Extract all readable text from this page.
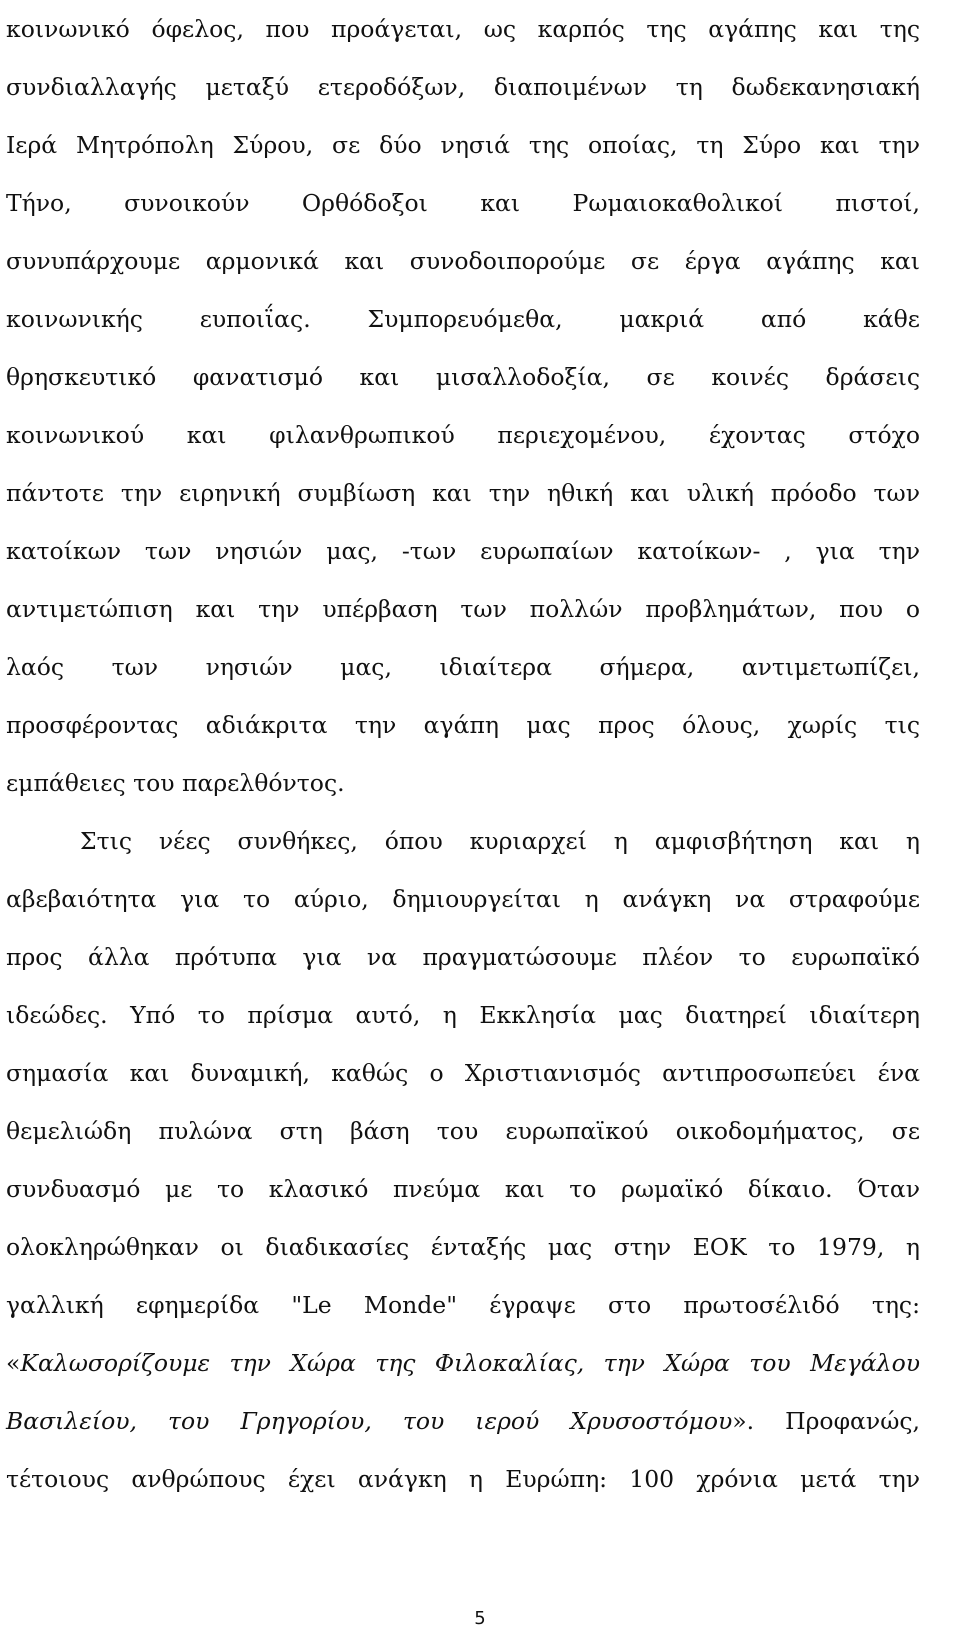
κοινωνικό όφελος, που προάγεται, ως καρπός της αγάπης και της
συνδιαλλαγής μεταξύ ετεροδόξων, διαποιμένων τη δωδεκανησιακή
Ιερά Μητρόπολη Σύρου, σε δύο νησιά της οποίας, τη Σύρο και την
Τήνο, συνοικούν Ορθόδοξοι και Ρωμαιοκαθολικοί πιστοί,
συνυπάρχουμε αρμονικά και συνοδοιπορούμε σε έργα αγάπης και
κοινωνικής ευποιΐας. Συμπορευόμεθα, μακριά από κάθε
θρησκευτικό φανατισμό και μισαλλοδοξία, σε κοινές δράσεις
κοινωνικού και φιλανθρωπικού περιεχομένου, έχοντας στόχο
πάντοτε την ειρηνική συμβίωση και την ηθική και υλική πρόοδο των
κατοίκων των νησιών μας, -των ευρωπαίων κατοίκων- , για την
αντιμετώπιση και την υπέρβαση των πολλών προβλημάτων, που ο
λαός των νησιών μας, ιδιαίτερα σήμερα, αντιμετωπίζει,
προσφέροντας αδιάκριτα την αγάπη μας προς όλους, χωρίς τις
εμπάθειες του παρελθόντος.
Στις νέες συνθήκες, όπου κυριαρχεί η αμφισβήτηση και η
αβεβαιότητα για το αύριο, δημιουργείται η ανάγκη να στραφούμε
προς άλλα πρότυπα για να πραγματώσουμε πλέον το ευρωπαϊκό
ιδεώδες. Υπό το πρίσμα αυτό, η Εκκλησία μας διατηρεί ιδιαίτερη
σημασία και δυναμική, καθώς ο Χριστιανισμός αντιπροσωπεύει ένα
θεμελιώδη πυλώνα στη βάση του ευρωπαϊκού οικοδομήματος, σε
συνδυασμό με το κλασικό πνεύμα και το ρωμαϊκό δίκαιο. Όταν
ολοκληρώθηκαν οι διαδικασίες ένταξής μας στην ΕΟΚ το 1979, η
γαλλική εφημερίδα "Le Monde" έγραψε στο πρωτοσέλιδό της:
«Καλωσορίζουμε την Χώρα της Φιλοκαλίας, την Χώρα του Μεγάλου
Βασιλείου, του Γρηγορίου, του ιερού Χρυσοστόμου». Προφανώς,
τέτοιους ανθρώπους έχει ανάγκη η Ευρώπη: 100 χρόνια μετά την
5
